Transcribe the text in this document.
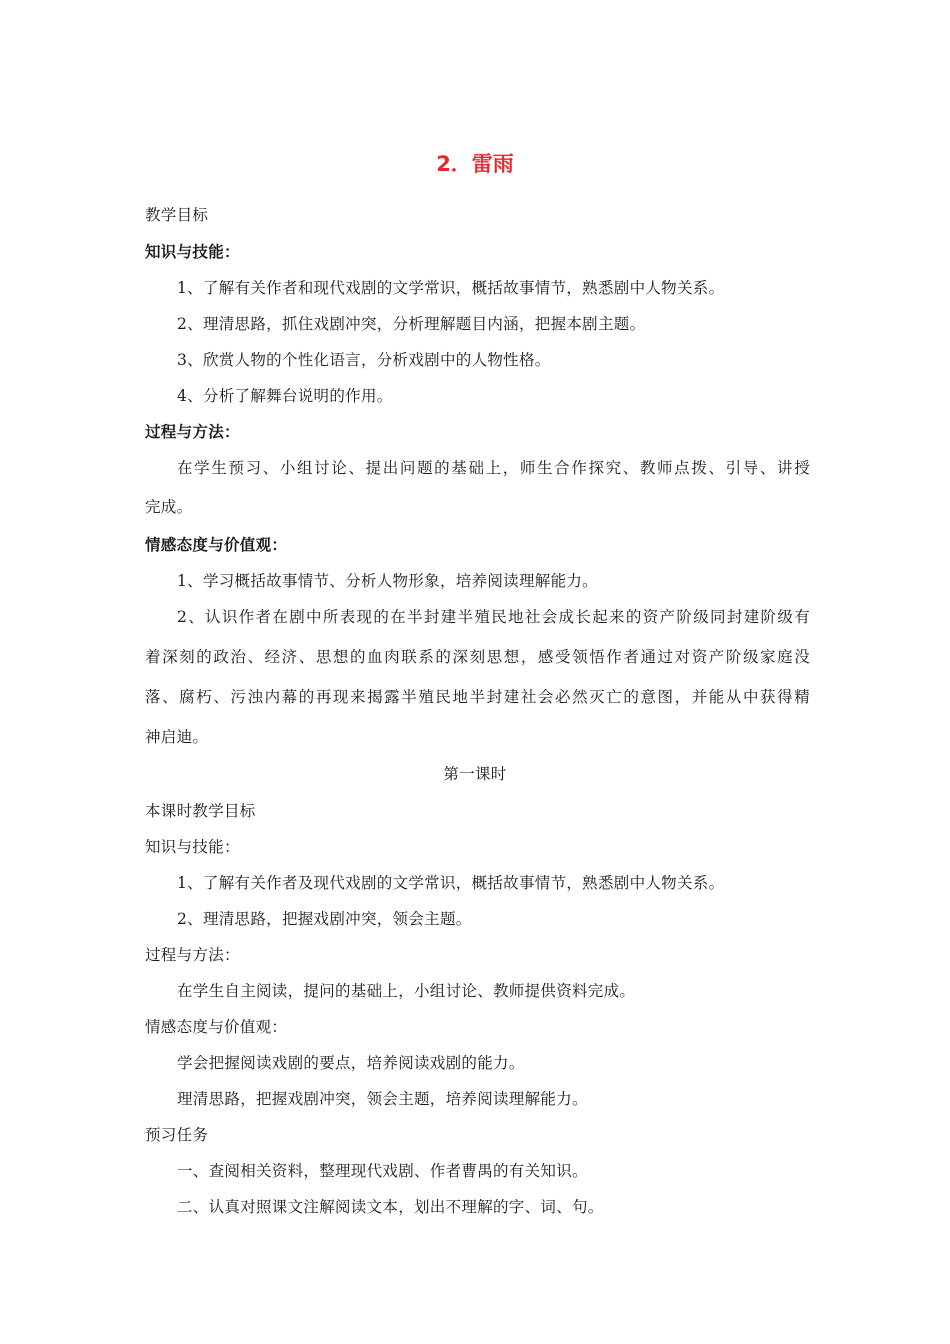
2．雷雨
教学目标
知识与技能：
1、了解有关作者和现代戏剧的文学常识，概括故事情节，熟悉剧中人物关系。
2、理清思路，抓住戏剧冲突，分析理解题目内涵，把握本剧主题。
3、欣赏人物的个性化语言，分析戏剧中的人物性格。
4、分析了解舞台说明的作用。
过程与方法：
在学生预习、小组讨论、提出问题的基础上，师生合作探究、教师点拨、引导、讲授
完成。
情感态度与价值观：
1、学习概括故事情节、分析人物形象，培养阅读理解能力。
2、认识作者在剧中所表现的在半封建半殖民地社会成长起来的资产阶级同封建阶级有
着深刻的政治、经济、思想的血肉联系的深刻思想，感受领悟作者通过对资产阶级家庭没
落、腐朽、污浊内幕的再现来揭露半殖民地半封建社会必然灭亡的意图，并能从中获得精
神启迪。
第一课时
本课时教学目标
知识与技能：
1、了解有关作者及现代戏剧的文学常识，概括故事情节，熟悉剧中人物关系。
2、理清思路，把握戏剧冲突，领会主题。
过程与方法：
在学生自主阅读，提问的基础上，小组讨论、教师提供资料完成。
情感态度与价值观：
学会把握阅读戏剧的要点，培养阅读戏剧的能力。
理清思路，把握戏剧冲突，领会主题，培养阅读理解能力。
预习任务
一、查阅相关资料，整理现代戏剧、作者曹禺的有关知识。
二、认真对照课文注解阅读文本，划出不理解的字、词、句。
